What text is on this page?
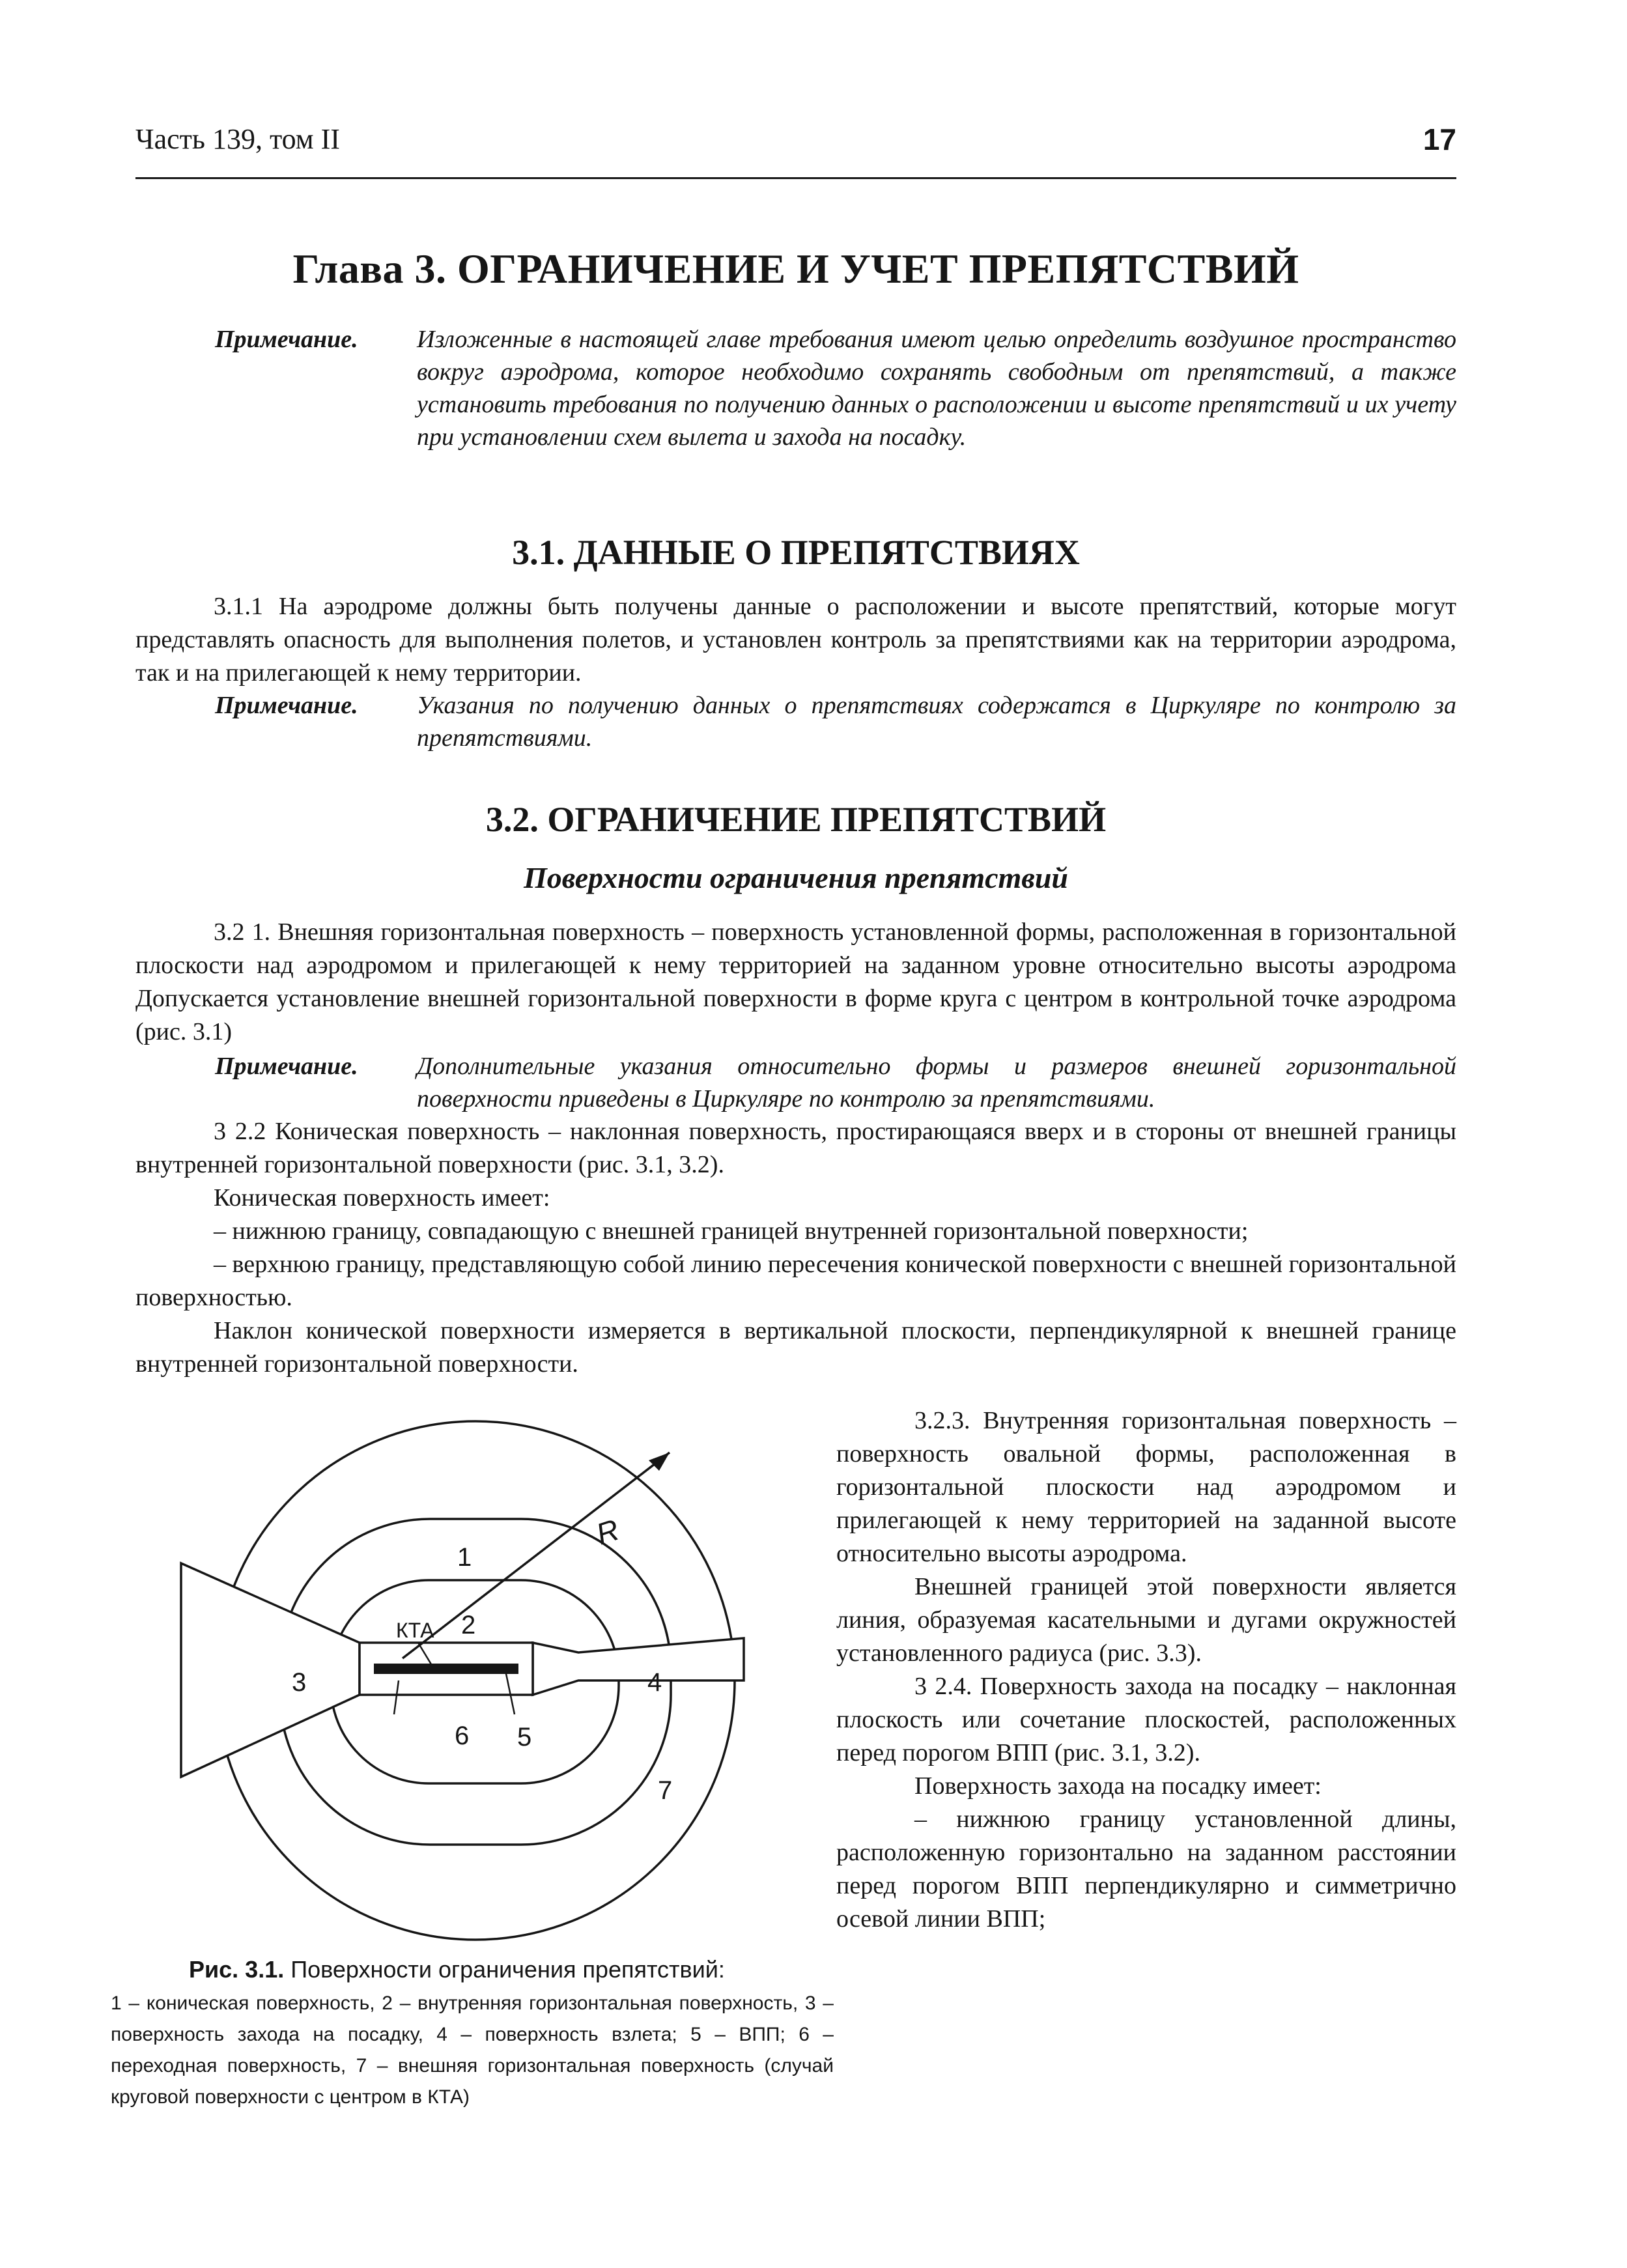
Часть 139, том II	17
Глава 3. ОГРАНИЧЕНИЕ И УЧЕТ ПРЕПЯТСТВИЙ
Примечание. Изложенные в настоящей главе требования имеют целью определить воздушное пространство вокруг аэродрома, которое необходимо сохранять свободным от препятствий, а также установить требования по получению данных о расположении и высоте препятствий и их учету при установлении схем вылета и захода на посадку.
3.1. ДАННЫЕ О ПРЕПЯТСТВИЯХ

3.1.1 На аэродроме должны быть получены данные о расположении и высоте препятствий, которые могут представлять опасность для выполнения полетов, и установлен контроль за препятствиями как на территории аэродрома, так и на прилегающей к нему территории.

Примечание. Указания по получению данных о препятствиях содержатся в Циркуляре по контролю за препятствиями.
3.2. ОГРАНИЧЕНИЕ ПРЕПЯТСТВИЙ
Поверхности ограничения препятствий

3.2 1. Внешняя горизонтальная поверхность – поверхность установленной формы, расположенная в горизонтальной плоскости над аэродромом и прилегающей к нему территорией на заданном уровне относительно высоты аэродрома Допускается установление внешней горизонтальной поверхности в форме круга с центром в контрольной точке аэродрома (рис. 3.1)

Примечание. Дополнительные указания относительно формы и размеров внешней горизонтальной поверхности приведены в Циркуляре по контролю за препятствиями.

3 2.2 Коническая поверхность – наклонная поверхность, простирающаяся вверх и в стороны от внешней границы внутренней горизонтальной поверхности (рис. 3.1, 3.2).

Коническая поверхность имеет:

– нижнюю границу, совпадающую с внешней границей внутренней горизонтальной поверхности;

– верхнюю границу, представляющую собой линию пересечения конической поверхности с внешней горизонтальной поверхностью.

Наклон конической поверхности измеряется в вертикальной плоскости, перпендикулярной к внешней границе внутренней горизонтальной поверхности.

R
1
2
3	4
5
6
7
КТА

3.2.3. Внутренняя горизонтальная поверхность – поверхность овальной формы, расположенная в горизонтальной плоскости над аэродромом и прилегающей к нему территорией на заданной высоте относительно высоты аэродрома.

Внешней границей этой поверхности является линия, образуемая касательными и дугами окружностей установленного радиуса (рис. 3.3).

3 2.4. Поверхность захода на посадку – наклонная плоскость или сочетание плоскостей, расположенных перед порогом ВПП (рис. 3.1, 3.2).

Поверхность захода на посадку имеет:

– нижнюю границу установленной длины, расположенную горизонтально на заданном расстоянии перед порогом ВПП перпендикулярно и симметрично осевой линии ВПП;

Рис. 3.1. Поверхности ограничения препятствий:
1 – коническая поверхность, 2 – внутренняя горизонтальная поверхность, 3 – поверхность захода на посадку, 4 – поверхность взлета; 5 – ВПП; 6 – переходная поверхность, 7 – внешняя горизонтальная поверхность (случай круговой поверхности с центром в КТА)
